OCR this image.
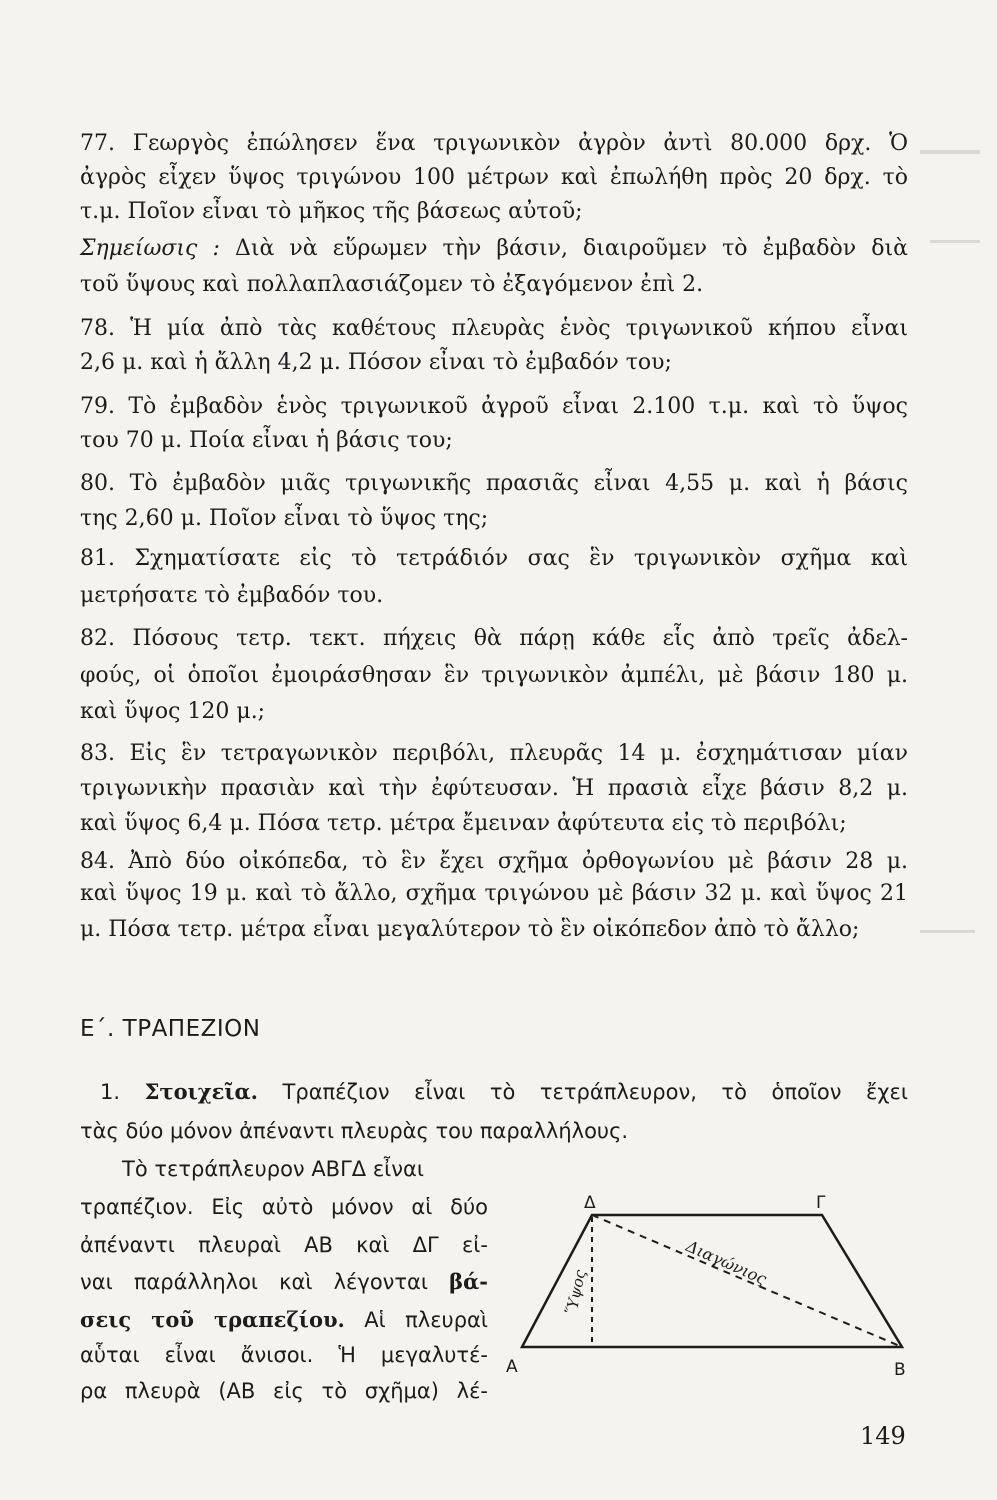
77. Γεωργὸς ἐπώλησεν ἕνα τριγωνικὸν ἀγρὸν ἀντὶ 80.000 δρχ. Ὁ
ἀγρὸς εἶχεν ὕψος τριγώνου 100 μέτρων καὶ ἐπωλήθη πρὸς 20 δρχ. τὸ
τ.μ. Ποῖον εἶναι τὸ μῆκος τῆς βάσεως αὐτοῦ;
Σημείωσις : Διὰ νὰ εὕρωμεν τὴν βάσιν, διαιροῦμεν τὸ ἐμβαδὸν διὰ
τοῦ ὕψους καὶ πολλαπλασιάζομεν τὸ ἐξαγόμενον ἐπὶ 2.
78. Ἡ μία ἀπὸ τὰς καθέτους πλευρὰς ἑνὸς τριγωνικοῦ κήπου εἶναι
2,6 μ. καὶ ἡ ἄλλη 4,2 μ. Πόσον εἶναι τὸ ἐμβαδόν του;
79. Τὸ ἐμβαδὸν ἑνὸς τριγωνικοῦ ἀγροῦ εἶναι 2.100 τ.μ. καὶ τὸ ὕψος
του 70 μ. Ποία εἶναι ἡ βάσις του;
80. Τὸ ἐμβαδὸν μιᾶς τριγωνικῆς πρασιᾶς εἶναι 4,55 μ. καὶ ἡ βάσις
της 2,60 μ. Ποῖον εἶναι τὸ ὕψος της;
81. Σχηματίσατε εἰς τὸ τετράδιόν σας ἓν τριγωνικὸν σχῆμα καὶ
μετρήσατε τὸ ἐμβαδόν του.
82. Πόσους τετρ. τεκτ. πήχεις θὰ πάρῃ κάθε εἷς ἀπὸ τρεῖς ἀδελ-
φούς, οἱ ὁποῖοι ἐμοιράσθησαν ἓν τριγωνικὸν ἀμπέλι, μὲ βάσιν 180 μ.
καὶ ὕψος 120 μ.;
83. Εἰς ἓν τετραγωνικὸν περιβόλι, πλευρᾶς 14 μ. ἐσχημάτισαν μίαν
τριγωνικὴν πρασιὰν καὶ τὴν ἐφύτευσαν. Ἡ πρασιὰ εἶχε βάσιν 8,2 μ.
καὶ ὕψος 6,4 μ. Πόσα τετρ. μέτρα ἔμειναν ἀφύτευτα εἰς τὸ περιβόλι;
84. Ἀπὸ δύο οἰκόπεδα, τὸ ἓν ἔχει σχῆμα ὀρθογωνίου μὲ βάσιν 28 μ.
καὶ ὕψος 19 μ. καὶ τὸ ἄλλο, σχῆμα τριγώνου μὲ βάσιν 32 μ. καὶ ὕψος 21
μ. Πόσα τετρ. μέτρα εἶναι μεγαλύτερον τὸ ἓν οἰκόπεδον ἀπὸ τὸ ἄλλο;
Ε΄. ΤΡΑΠΕΖΙΟΝ
1. Στοιχεῖα. Τραπέζιον εἶναι τὸ τετράπλευρον, τὸ ὁποῖον ἔχει
τὰς δύο μόνον ἀπέναντι πλευρὰς του παραλλήλους.
Τὸ τετράπλευρον ΑΒΓΔ εἶναι
τραπέζιον. Εἰς αὐτὸ μόνον αἱ δύο
ἀπέναντι πλευραὶ ΑΒ καὶ ΔΓ εἰ-
ναι παράλληλοι καὶ λέγονται βά-
σεις τοῦ τραπεζίου. Αἱ πλευραὶ
αὗται εἶναι ἄνισοι. Ἡ μεγαλυτέ-
ρα πλευρὰ (ΑΒ εἰς τὸ σχῆμα) λέ-
Α	Β
Γ
Δ
Ὕψος
Διαγώνιος
149
